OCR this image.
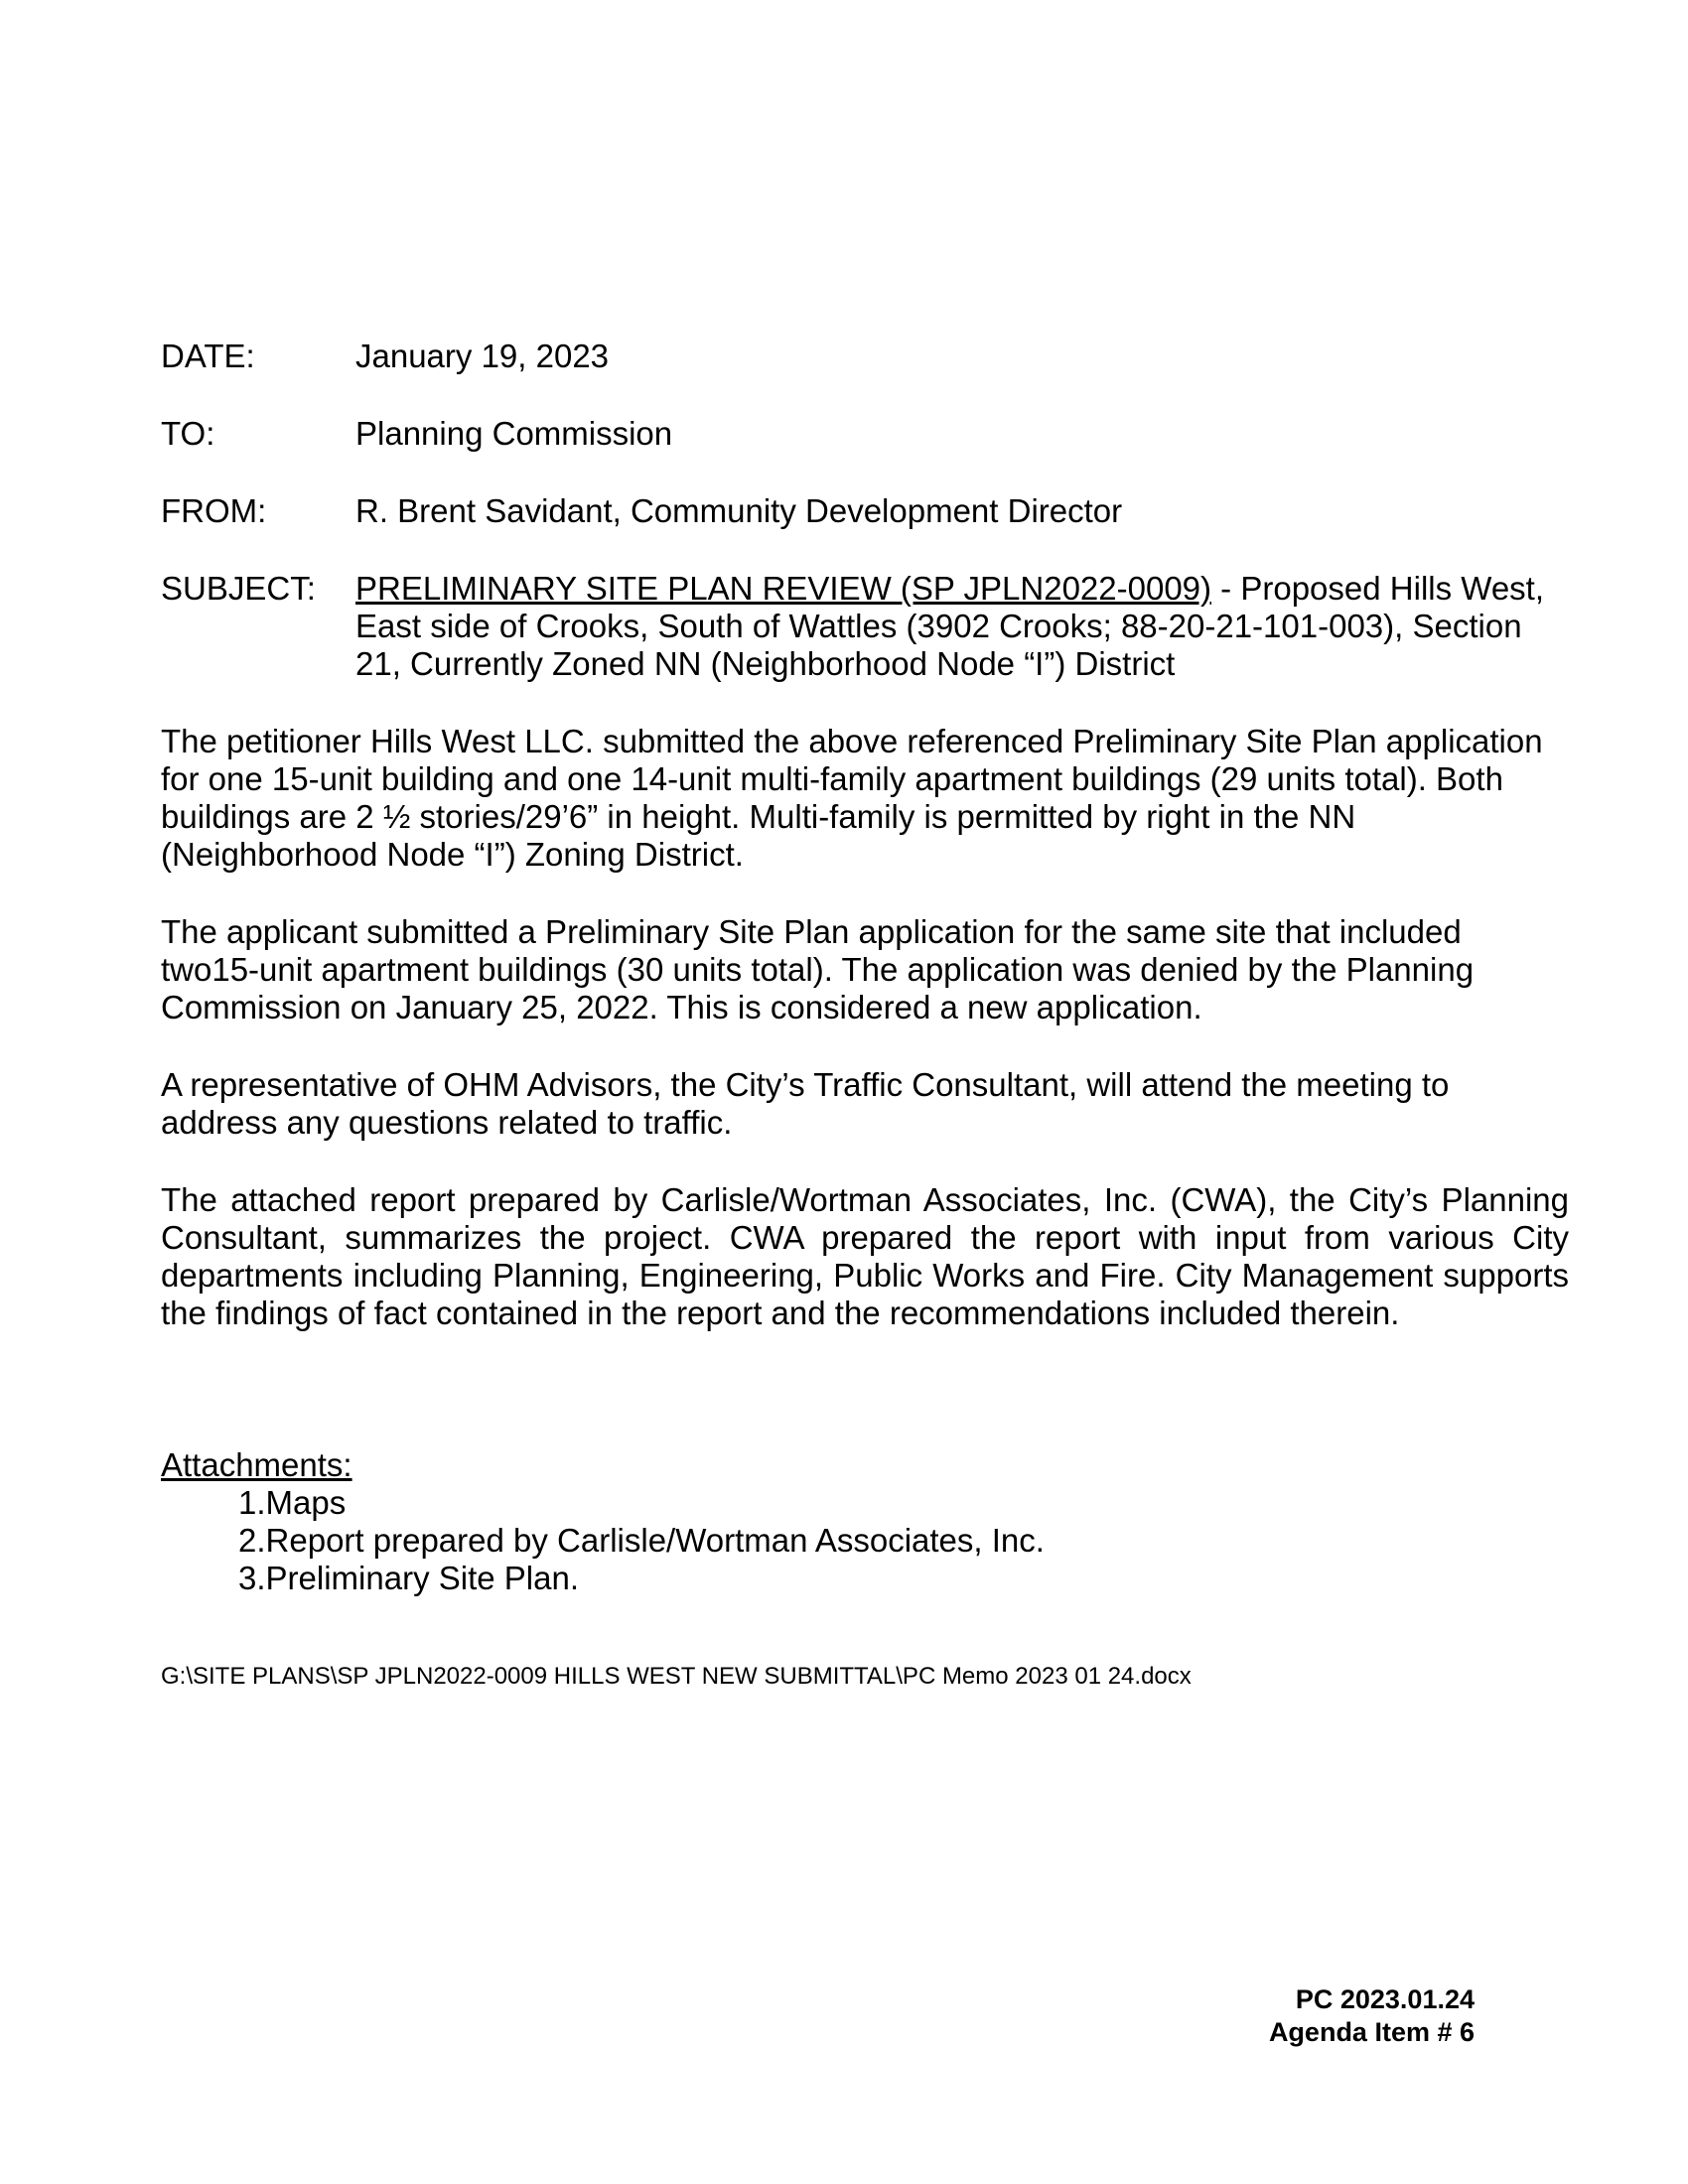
DATE:	January 19, 2023
TO:	Planning Commission
FROM:	R. Brent Savidant, Community Development Director
SUBJECT:	PRELIMINARY SITE PLAN REVIEW (SP JPLN2022-0009) - Proposed Hills West,
East side of Crooks, South of Wattles (3902 Crooks; 88-20-21-101-003), Section
21, Currently Zoned NN (Neighborhood Node “I”) District
The petitioner Hills West LLC. submitted the above referenced Preliminary Site Plan application
for one 15-unit building and one 14-unit multi-family apartment buildings (29 units total). Both
buildings are 2 ½ stories/29’6” in height. Multi-family is permitted by right in the NN
(Neighborhood Node “I”) Zoning District.
The applicant submitted a Preliminary Site Plan application for the same site that included
two15-unit apartment buildings (30 units total). The application was denied by the Planning
Commission on January 25, 2022. This is considered a new application.
A representative of OHM Advisors, the City’s Traffic Consultant, will attend the meeting to
address any questions related to traffic.
The attached report prepared by Carlisle/Wortman Associates, Inc. (CWA), the City’s Planning
Consultant, summarizes the project. CWA prepared the report with input from various City
departments including Planning, Engineering, Public Works and Fire. City Management supports
the findings of fact contained in the report and the recommendations included therein.
Attachments:
1. Maps
2. Report prepared by Carlisle/Wortman Associates, Inc.
3. Preliminary Site Plan.
G:\SITE PLANS\SP JPLN2022-0009 HILLS WEST NEW SUBMITTAL\PC Memo 2023 01 24.docx
PC 2023.01.24
Agenda Item # 6
